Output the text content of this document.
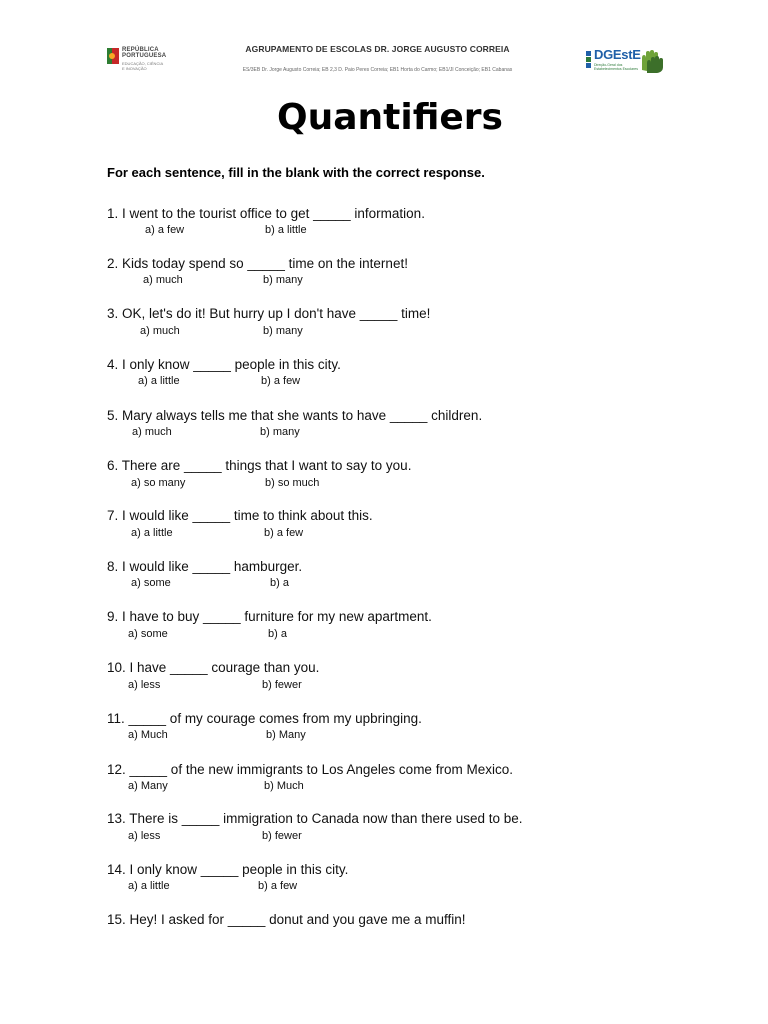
REPÚBLICA
PORTUGUESA
EDUCAÇÃO, CIÊNCIA
E INOVAÇÃO
AGRUPAMENTO DE ESCOLAS DR. JORGE AUGUSTO CORREIA
ES/3EB Dr. Jorge Augusto Correia; EB 2,3 D. Paio Peres Correia; EB1 Horta do Carmo; EB1/JI Conceição; EB1 Cabanas
DGEstE
Direção-Geral dos Estabelecimentos Escolares
Quantifiers
For each sentence, fill in the blank with the correct response.
1. I went to the tourist office to get _____ information.
a) a few	b) a little
2. Kids today spend so _____ time on the internet!
a) much	b) many
3. OK, let's do it! But hurry up I don't have _____ time!
a) much	b) many
4. I only know _____ people in this city.
a) a little	b) a few
5. Mary always tells me that she wants to have _____ children.
a) much	b) many
6. There are _____ things that I want to say to you.
a) so many	b) so much
7. I would like _____ time to think about this.
a) a little	b) a few
8. I would like _____ hamburger.
a) some	b) a
9. I have to buy _____ furniture for my new apartment.
a) some	b) a
10. I have _____ courage than you.
a) less	b) fewer
11. _____ of my courage comes from my upbringing.
a) Much	b) Many
12. _____ of the new immigrants to Los Angeles come from Mexico.
a) Many	b) Much
13. There is _____ immigration to Canada now than there used to be.
a) less	b) fewer
14. I only know _____ people in this city.
a) a little	b) a few
15. Hey! I asked for _____ donut and you gave me a muffin!
